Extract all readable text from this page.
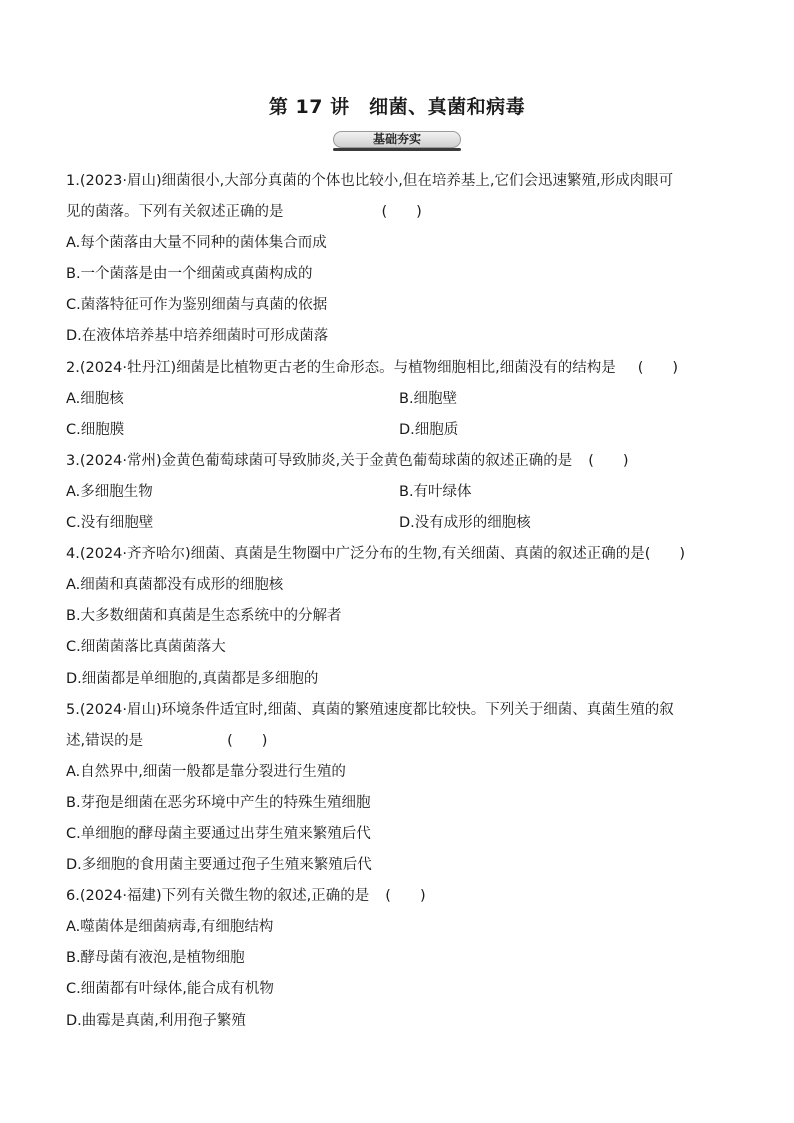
第 17 讲　细菌、真菌和病毒
基础夯实
1.(2023·眉山)细菌很小,大部分真菌的个体也比较小,但在培养基上,它们会迅速繁殖,形成肉眼可
见的菌落。下列有关叙述正确的是	(　　)
A.每个菌落由大量不同种的菌体集合而成
B.一个菌落是由一个细菌或真菌构成的
C.菌落特征可作为鉴别细菌与真菌的依据
D.在液体培养基中培养细菌时可形成菌落
2.(2024·牡丹江)细菌是比植物更古老的生命形态。与植物细胞相比,细菌没有的结构是 (　　)
A.细胞核	B.细胞壁
C.细胞膜	D.细胞质
3.(2024·常州)金黄色葡萄球菌可导致肺炎,关于金黄色葡萄球菌的叙述正确的是 (　　)
A.多细胞生物	B.有叶绿体
C.没有细胞壁	D.没有成形的细胞核
4.(2024·齐齐哈尔)细菌、真菌是生物圈中广泛分布的生物,有关细菌、真菌的叙述正确的是(　　)
A.细菌和真菌都没有成形的细胞核
B.大多数细菌和真菌是生态系统中的分解者
C.细菌菌落比真菌菌落大
D.细菌都是单细胞的,真菌都是多细胞的
5.(2024·眉山)环境条件适宜时,细菌、真菌的繁殖速度都比较快。下列关于细菌、真菌生殖的叙
述,错误的是	(　　)
A.自然界中,细菌一般都是靠分裂进行生殖的
B.芽孢是细菌在恶劣环境中产生的特殊生殖细胞
C.单细胞的酵母菌主要通过出芽生殖来繁殖后代
D.多细胞的食用菌主要通过孢子生殖来繁殖后代
6.(2024·福建)下列有关微生物的叙述,正确的是 (　　)
A.噬菌体是细菌病毒,有细胞结构
B.酵母菌有液泡,是植物细胞
C.细菌都有叶绿体,能合成有机物
D.曲霉是真菌,利用孢子繁殖
